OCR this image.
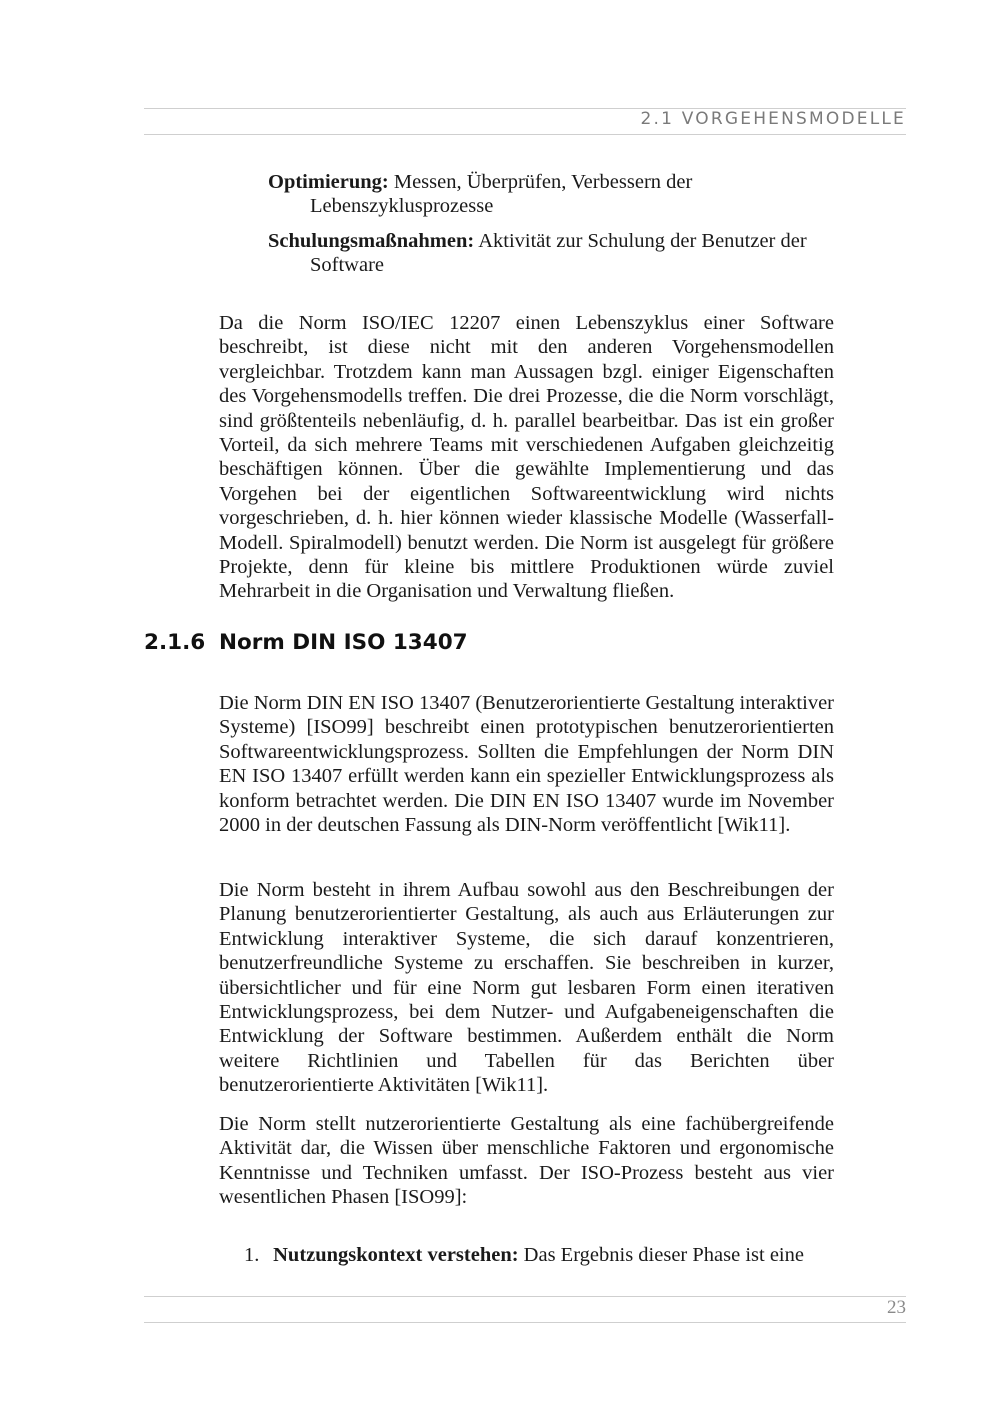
2.1 VORGEHENSMODELLE

Optimierung: Messen, Überprüfen, Verbessern der Lebenszyklusprozesse

Schulungsmaßnahmen: Aktivität zur Schulung der Benutzer der Software

Da die Norm ISO/IEC 12207 einen Lebenszyklus einer Software beschreibt, ist diese nicht mit den anderen Vorgehensmodellen vergleichbar. Trotzdem kann man Aussagen bzgl. einiger Eigenschaften des Vorgehensmodells treffen. Die drei Prozesse, die die Norm vorschlägt, sind größtenteils nebenläufig, d. h. parallel bearbeitbar. Das ist ein großer Vorteil, da sich mehrere Teams mit verschiedenen Aufgaben gleichzeitig beschäftigen können. Über die gewählte Implementierung und das Vorgehen bei der eigentlichen Softwareentwicklung wird nichts vorgeschrieben, d. h. hier können wieder klassische Modelle (Wasserfall-Modell. Spiralmodell) benutzt werden. Die Norm ist ausgelegt für größere Projekte, denn für kleine bis mittlere Produktionen würde zuviel Mehrarbeit in die Organisation und Verwaltung fließen.

2.1.6 Norm DIN ISO 13407

Die Norm DIN EN ISO 13407 (Benutzerorientierte Gestaltung interaktiver Systeme) [ISO99] beschreibt einen prototypischen benutzerorientierten Softwareentwicklungsprozess. Sollten die Empfehlungen der Norm DIN EN ISO 13407 erfüllt werden kann ein spezieller Entwicklungsprozess als konform betrachtet werden. Die DIN EN ISO 13407 wurde im November 2000 in der deutschen Fassung als DIN-Norm veröffentlicht [Wik11].

Die Norm besteht in ihrem Aufbau sowohl aus den Beschreibungen der Planung benutzerorientierter Gestaltung, als auch aus Erläuterungen zur Entwicklung interaktiver Systeme, die sich darauf konzentrieren, benutzerfreundliche Systeme zu erschaffen. Sie beschreiben in kurzer, übersichtlicher und für eine Norm gut lesbaren Form einen iterativen Entwicklungsprozess, bei dem Nutzer- und Aufgabeneigenschaften die Entwicklung der Software bestimmen. Außerdem enthält die Norm weitere Richtlinien und Tabellen für das Berichten über benutzerorientierte Aktivitäten [Wik11].

Die Norm stellt nutzerorientierte Gestaltung als eine fachübergreifende Aktivität dar, die Wissen über menschliche Faktoren und ergonomische Kenntnisse und Techniken umfasst. Der ISO-Prozess besteht aus vier wesentlichen Phasen [ISO99]:

1. Nutzungskontext verstehen: Das Ergebnis dieser Phase ist eine
23
